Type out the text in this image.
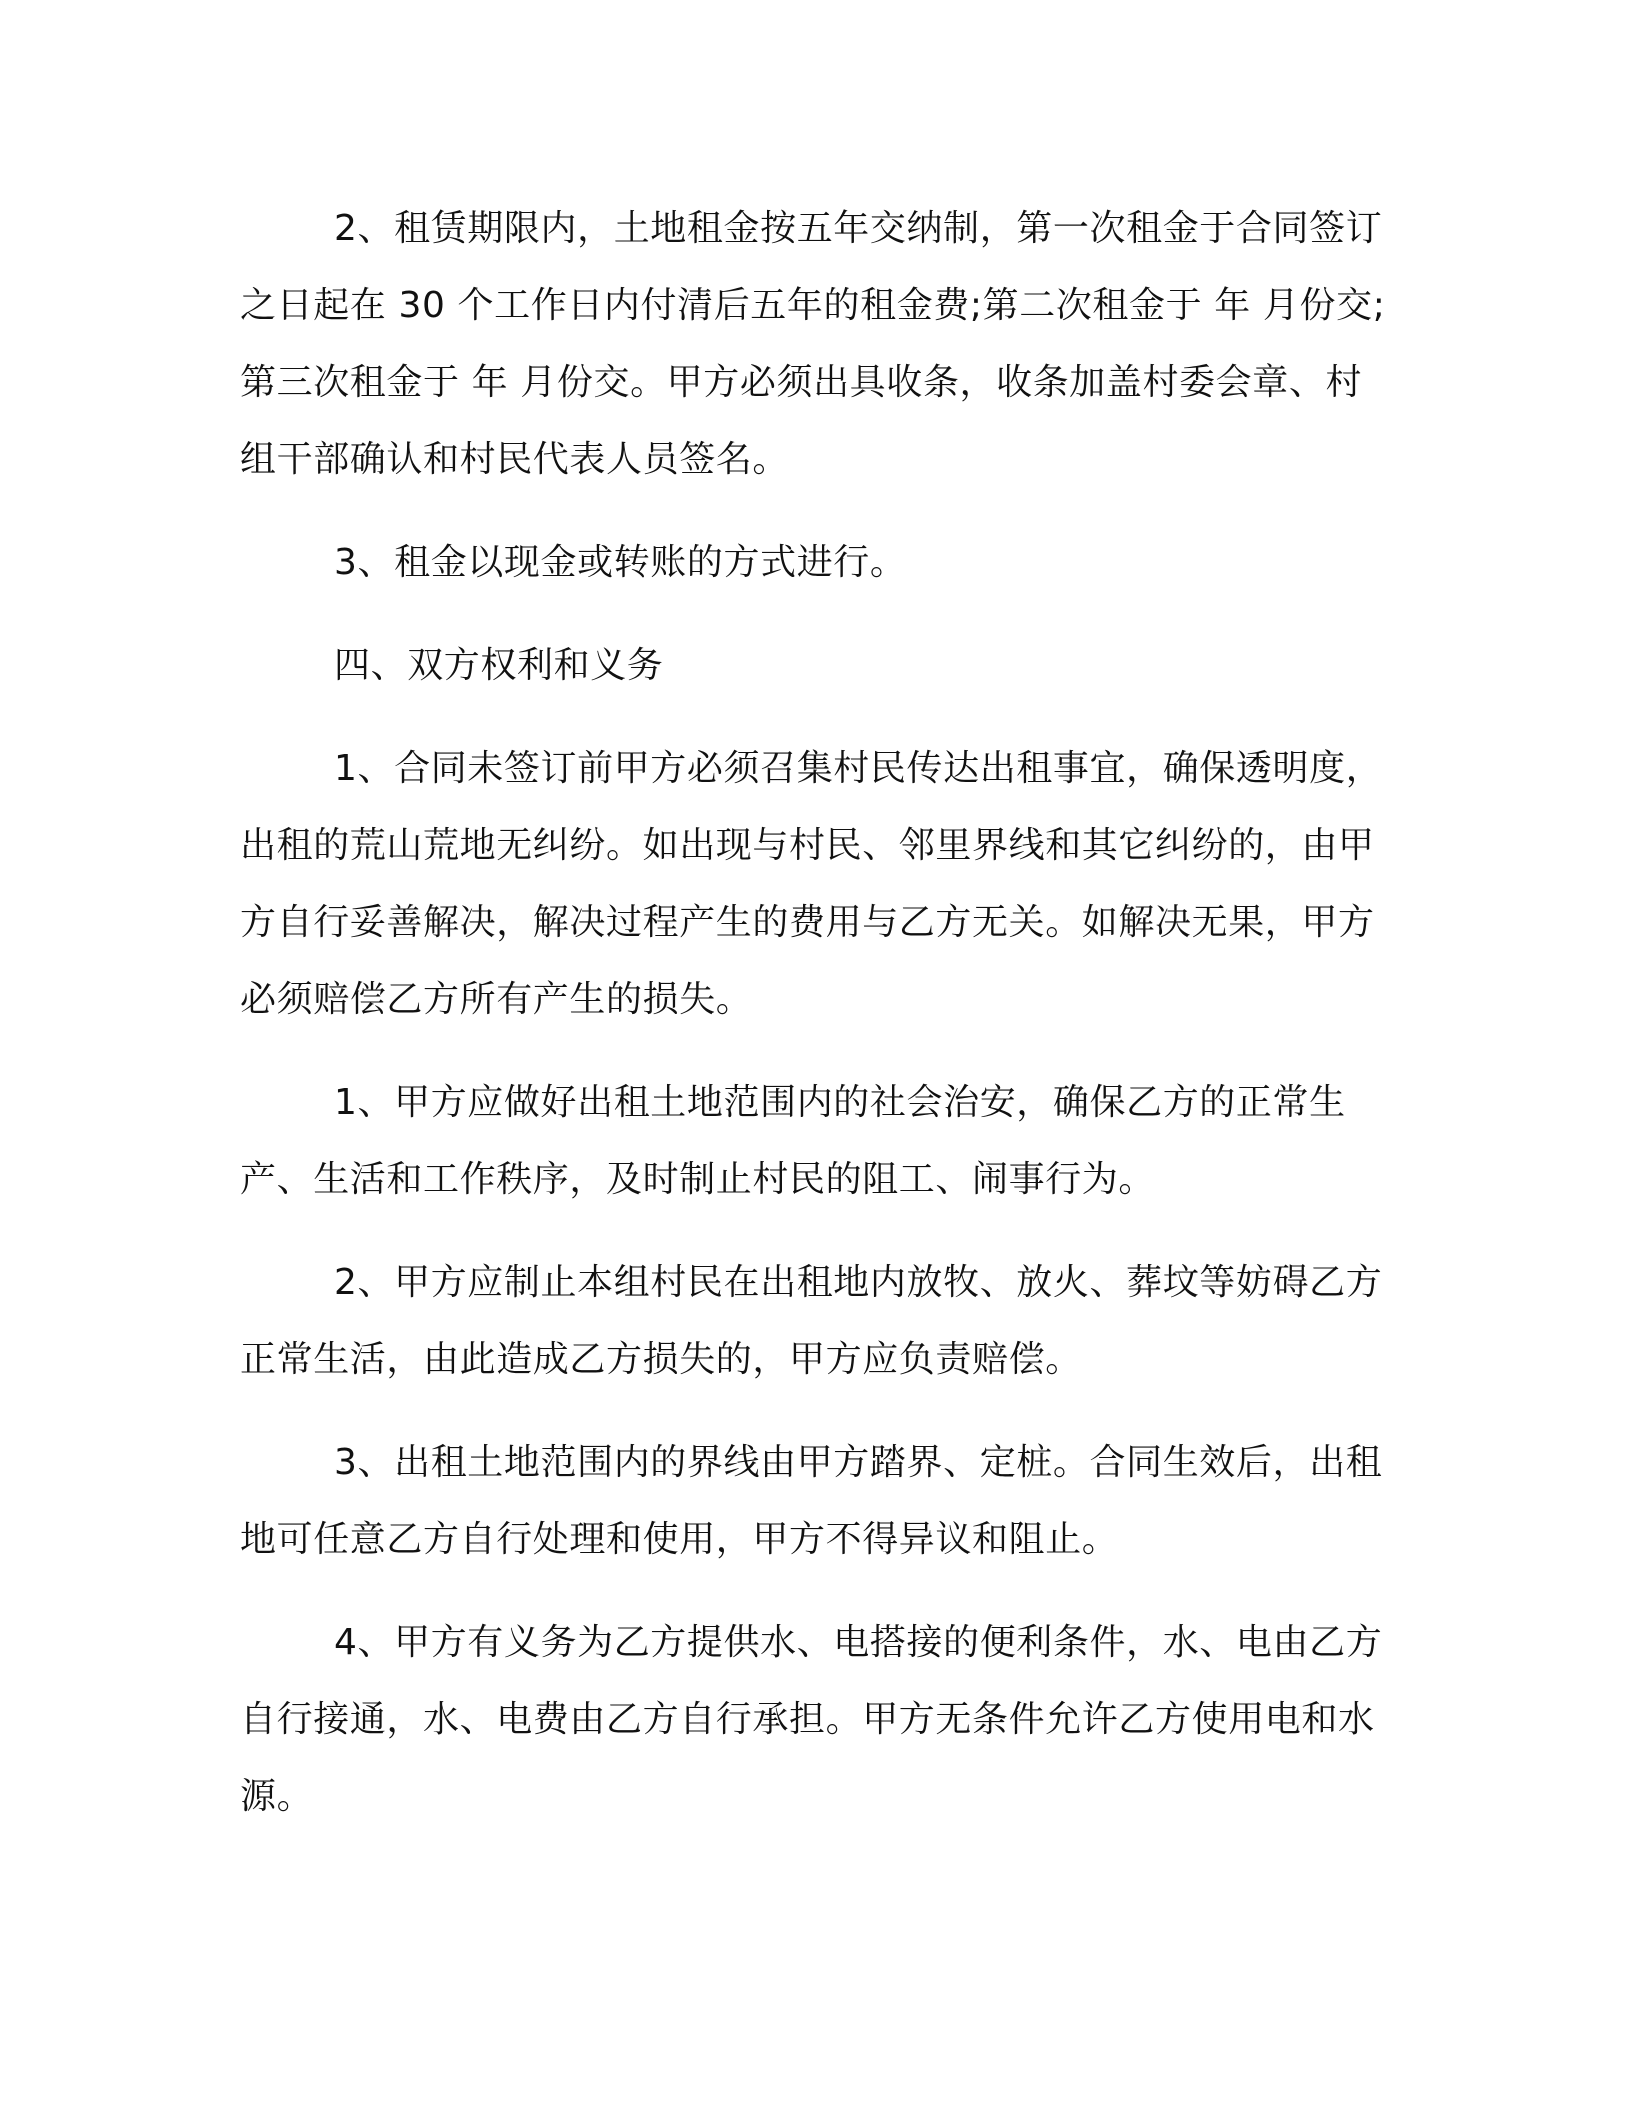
2、租赁期限内，土地租金按五年交纳制，第一次租金于合同签订之日起在 30 个工作日内付清后五年的租金费;第二次租金于 年 月份交;第三次租金于 年 月份交。甲方必须出具收条，收条加盖村委会章、村组干部确认和村民代表人员签名。

3、租金以现金或转账的方式进行。

四、双方权利和义务

1、合同未签订前甲方必须召集村民传达出租事宜，确保透明度，出租的荒山荒地无纠纷。如出现与村民、邻里界线和其它纠纷的，由甲方自行妥善解决，解决过程产生的费用与乙方无关。如解决无果，甲方必须赔偿乙方所有产生的损失。

1、甲方应做好出租土地范围内的社会治安，确保乙方的正常生产、生活和工作秩序，及时制止村民的阻工、闹事行为。

2、甲方应制止本组村民在出租地内放牧、放火、葬坟等妨碍乙方正常生活，由此造成乙方损失的，甲方应负责赔偿。

3、出租土地范围内的界线由甲方踏界、定桩。合同生效后，出租地可任意乙方自行处理和使用，甲方不得异议和阻止。

4、甲方有义务为乙方提供水、电搭接的便利条件，水、电由乙方自行接通，水、电费由乙方自行承担。甲方无条件允许乙方使用电和水源。
